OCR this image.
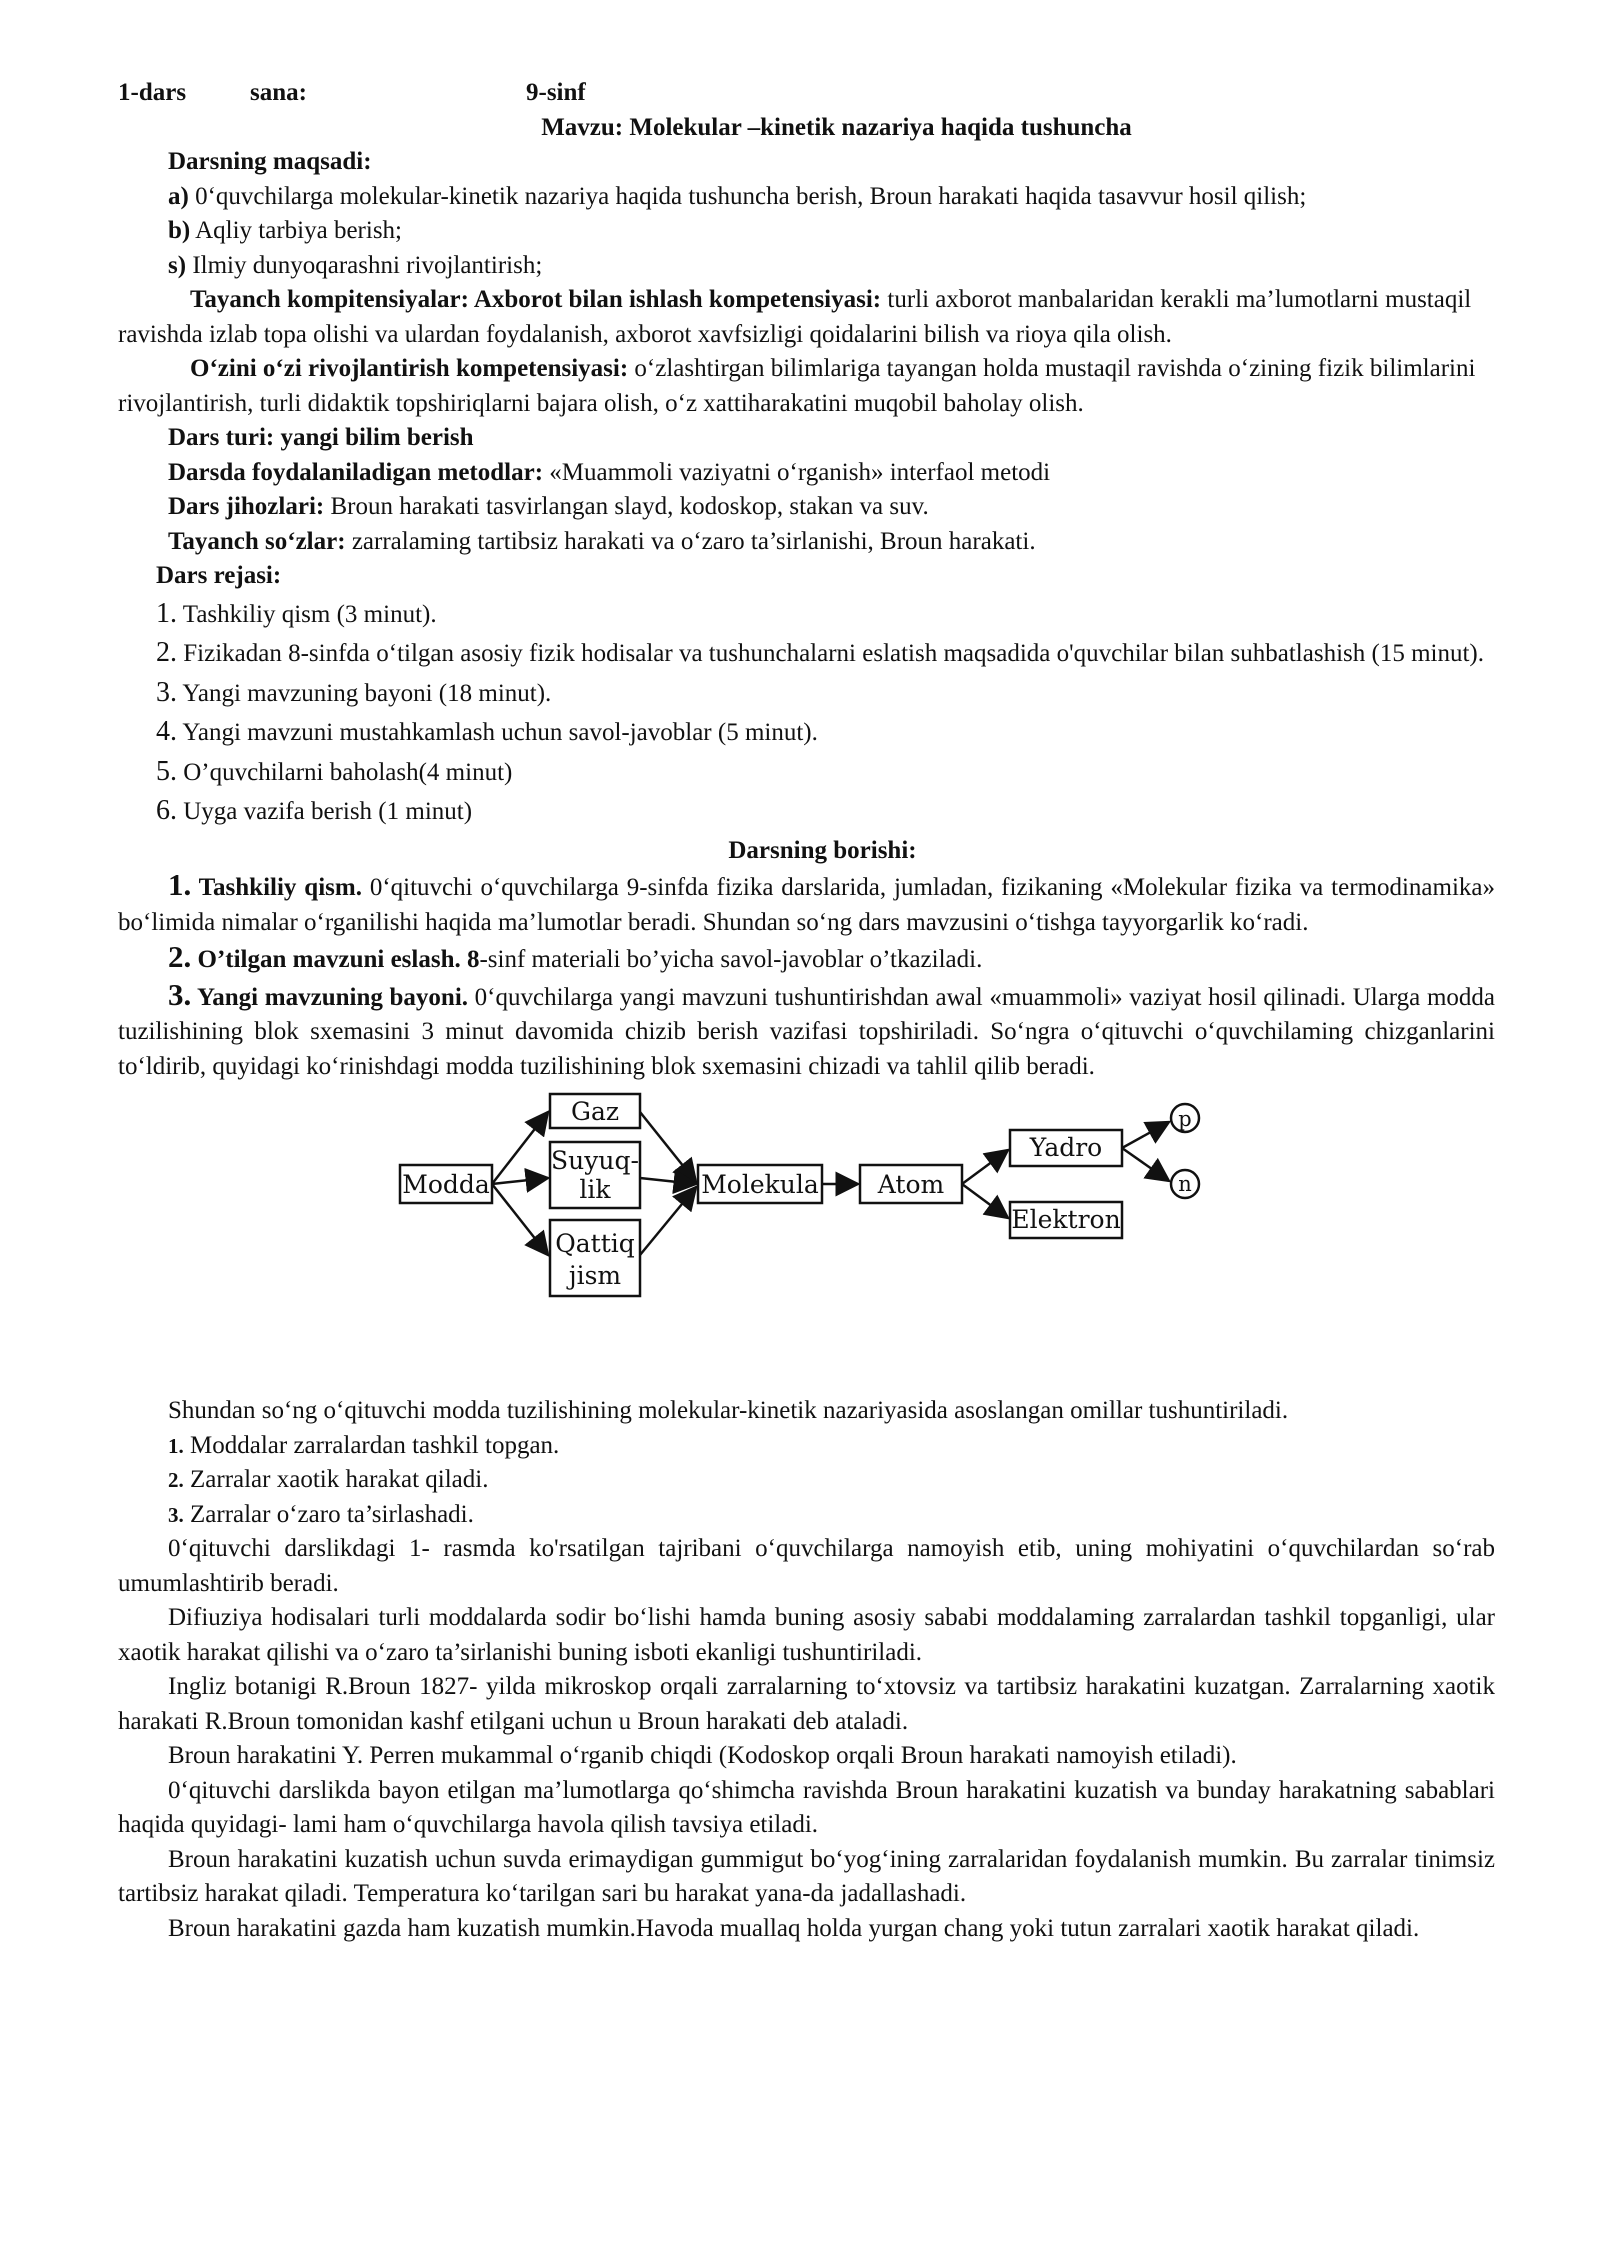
1-dars	sana:	9-sinf

Mavzu: Molekular –kinetik nazariya haqida tushuncha

Darsning maqsadi:

a) 0‘quvchilarga molekular-kinetik nazariya haqida tushuncha berish, Broun harakati haqida tasavvur hosil qilish;

b) Aqliy tarbiya berish;

s) Ilmiy dunyoqarashni rivojlantirish;

Tayanch kompitensiyalar: Axborot bilan ishlash kompetensiyasi: turli axborot manbalaridan kerakli ma’lumotlarni mustaqil ravishda izlab topa olishi va ulardan foydalanish, axborot xavfsizligi qoidalarini bilish va rioya qila olish.

O‘zini o‘zi rivojlantirish kompetensiyasi: o‘zlashtirgan bilimlariga tayangan holda mustaqil ravishda o‘zining fizik bilimlarini rivojlantirish, turli didaktik topshiriqlarni bajara olish, o‘z xattiharakatini muqobil baholay olish.

Dars turi: yangi bilim berish

Darsda foydalaniladigan metodlar: «Muammoli vaziyatni o‘rganish» interfaol metodi

Dars jihozlari: Broun harakati tasvirlangan slayd, kodoskop, stakan va suv.

Tayanch so‘zlar: zarralaming tartibsiz harakati va o‘zaro ta’sirlanishi, Broun harakati.

Dars rejasi:

1. Tashkiliy qism (3 minut).

2. Fizikadan 8-sinfda o‘tilgan asosiy fizik hodisalar va tushunchalarni eslatish maqsadida o'quvchilar bilan suhbatlashish (15 minut).

3. Yangi mavzuning bayoni (18 minut).

4. Yangi mavzuni mustahkamlash uchun savol-javoblar (5 minut).

5. O’quvchilarni baholash(4 minut)

6. Uyga vazifa berish (1 minut)

Darsning borishi:

1. Tashkiliy qism. 0‘qituvchi o‘quvchilarga 9-sinfda fizika darslarida, jumladan, fizikaning «Molekular fizika va termodinamika» bo‘limida nimalar o‘rganilishi haqida ma’lumotlar beradi. Shundan so‘ng dars mavzusini o‘tishga tayyorgarlik ko‘radi.

2. O’tilgan mavzuni eslash. 8-sinf materiali bo’yicha savol-javoblar o’tkaziladi.

3. Yangi mavzuning bayoni. 0‘quvchilarga yangi mavzuni tushuntirishdan awal «muammoli» vaziyat hosil qilinadi. Ularga modda tuzilishining blok sxemasini 3 minut davomida chizib berish vazifasi topshiriladi. So‘ngra o‘qituvchi o‘quvchilaming chizganlarini to‘ldirib, quyidagi ko‘rinishdagi modda tuzilishining blok sxemasini chizadi va tahlil qilib beradi.

Modda
Gaz
Suyuq-
lik
Qattiq
jism
Molekula Atom
Yadro
Elektron
p
n

Shundan so‘ng o‘qituvchi modda tuzilishining molekular-kinetik nazariyasida asoslangan omillar tushuntiriladi.

1. Moddalar zarralardan tashkil topgan.

2. Zarralar xaotik harakat qiladi.

3. Zarralar o‘zaro ta’sirlashadi.

0‘qituvchi darslikdagi 1- rasmda ko'rsatilgan tajribani o‘quvchilarga namoyish etib, uning mohiyatini o‘quvchilardan so‘rab umumlashtirib beradi.

Difiuziya hodisalari turli moddalarda sodir bo‘lishi hamda buning asosiy sababi moddalaming zarralardan tashkil topganligi, ular xaotik harakat qilishi va o‘zaro ta’sirlanishi buning isboti ekanligi tushuntiriladi.

Ingliz botanigi R.Broun 1827- yilda mikroskop orqali zarralarning to‘xtovsiz va tartibsiz harakatini kuzatgan. Zarralarning xaotik harakati R.Broun tomonidan kashf etilgani uchun u Broun harakati deb ataladi.

Broun harakatini Y. Perren mukammal o‘rganib chiqdi (Kodoskop orqali Broun harakati namoyish etiladi).

0‘qituvchi darslikda bayon etilgan ma’lumotlarga qo‘shimcha ravishda Broun harakatini kuzatish va bunday harakatning sabablari haqida quyidagi- lami ham o‘quvchilarga havola qilish tavsiya etiladi.

Broun harakatini kuzatish uchun suvda erimaydigan gummigut bo‘yog‘ining zarralaridan foydalanish mumkin. Bu zarralar tinimsiz tartibsiz harakat qiladi. Temperatura ko‘tarilgan sari bu harakat yana-da jadallashadi.

Broun harakatini gazda ham kuzatish mumkin.Havoda muallaq holda yurgan chang yoki tutun zarralari xaotik harakat qiladi.
